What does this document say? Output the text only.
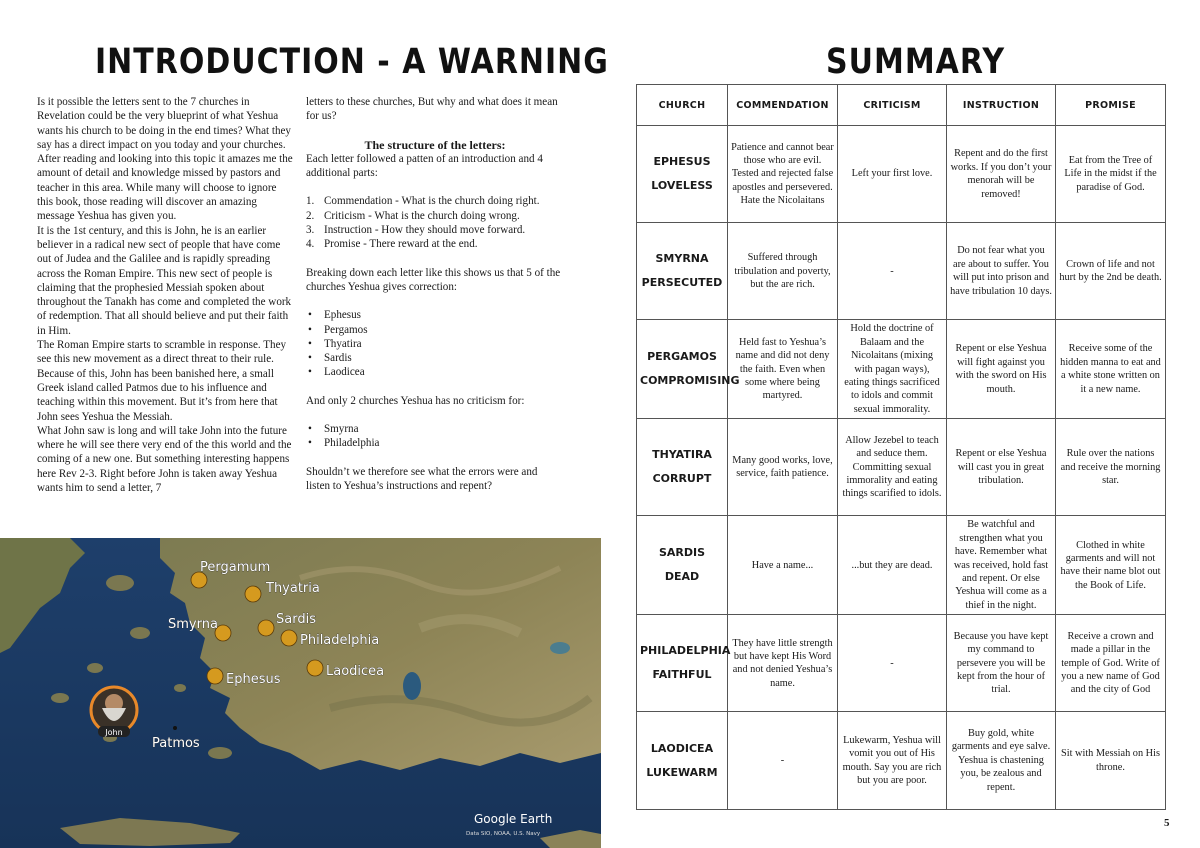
INTRODUCTION - A WARNING

Is it possible the letters sent to the 7 churches in Revelation could be the very blueprint of what Yeshua wants his church to be doing in the end times? What they say has a direct impact on you today and your churches. After reading and looking into this topic it amazes me the amount of detail and knowledge missed by pastors and teacher in this area. While many will choose to ignore this book, those reading will discover an amazing message Yeshua has given you.

It is the 1st century, and this is John, he is an earlier believer in a radical new sect of people that have come out of Judea and the Galilee and is rapidly spreading across the Roman Empire. This new sect of people is claiming that the prophesied Messiah spoken about throughout the Tanakh has come and completed the work of redemption. That all should believe and put their faith in Him.

The Roman Empire starts to scramble in response. They see this new movement as a direct threat to their rule. Because of this, John has been banished here, a small Greek island called Patmos due to his influence and teaching within this movement. But it’s from here that John sees Yeshua the Messiah.

What John saw is long and will take John into the future where he will see there very end of the this world and the coming of a new one. But something interesting happens here Rev 2-3. Right before John is taken away Yeshua wants him to send a letter, 7

letters to these churches, But why and what does it mean for us?

The structure of the letters:

Each letter followed a patten of an introduction and 4 additional parts:

1. Commendation - What is the church doing right.
2. Criticism - What is the church doing wrong.
3. Instruction - How they should move forward.
4. Promise - There reward at the end.

Breaking down each letter like this shows us that 5 of the churches Yeshua gives correction:

•	Ephesus
•	Pergamos
•	Thyatira
•	Sardis
•	Laodicea

And only 2 churches Yeshua has no criticism for:

•	Smyrna
•	Philadelphia

Shouldn’t we therefore see what the errors were and listen to Yeshua’s instructions and repent?

Pergamum
Thyatria
Smyrna	Sardis
Philadelphia
Ephesus
Laodicea
Patmos
John
Google Earth
Data SIO, NOAA, U.S. Navy
SUMMARY
CHURCH	COMMENDATION	CRITICISM	INSTRUCTION	PROMISE

EPHESUS
LOVELESS	Patience and cannot bear those who are evil. Tested and rejected false apostles and persevered. Hate the Nicolaitans	Left your first love.	Repent and do the first works. If you don’t your menorah will be removed!	Eat from the Tree of Life in the midst if the paradise of God.

SMYRNA
PERSECUTED	Suffered through tribulation and poverty, but the are rich.	-	Do not fear what you are about to suffer. You will put into prison and have tribulation 10 days.	Crown of life and not hurt by the 2nd be death.

PERGAMOS
COMPROMISING	Held fast to Yeshua’s name and did not deny the faith. Even when some where being martyred.	Hold the doctrine of Balaam and the Nicolaitans (mixing with pagan ways), eating things sacrificed to idols and commit sexual immorality.	Repent or else Yeshua will fight against you with the sword on His mouth.	Receive some of the hidden manna to eat and a white stone written on it a new name.

THYATIRA
CORRUPT	Many good works, love, service, faith patience.	Allow Jezebel to teach and seduce them. Committing sexual immorality and eating things scarified to idols.	Repent or else Yeshua will cast you in great tribulation.	Rule over the nations and receive the morning star.

SARDIS
DEAD	Have a name...	...but they are dead.	Be watchful and strengthen what you have. Remember what was received, hold fast and repent. Or else Yeshua will come as a thief in the night.	Clothed in white garments and will not have their name blot out the Book of Life.

PHILADELPHIA
FAITHFUL	They have little strength but have kept His Word and not denied Yeshua’s name.	-	Because you have kept my command to persevere you will be kept from the hour of trial.	Receive a crown and made a pillar in the temple of God. Write of you a new name of God and the city of God

LAODICEA
LUKEWARM	-	Lukewarm, Yeshua will vomit you out of His mouth. Say you are rich but you are poor.	Buy gold, white garments and eye salve. Yeshua is chastening you, be zealous and repent.	Sit with Messiah on His throne.
5
